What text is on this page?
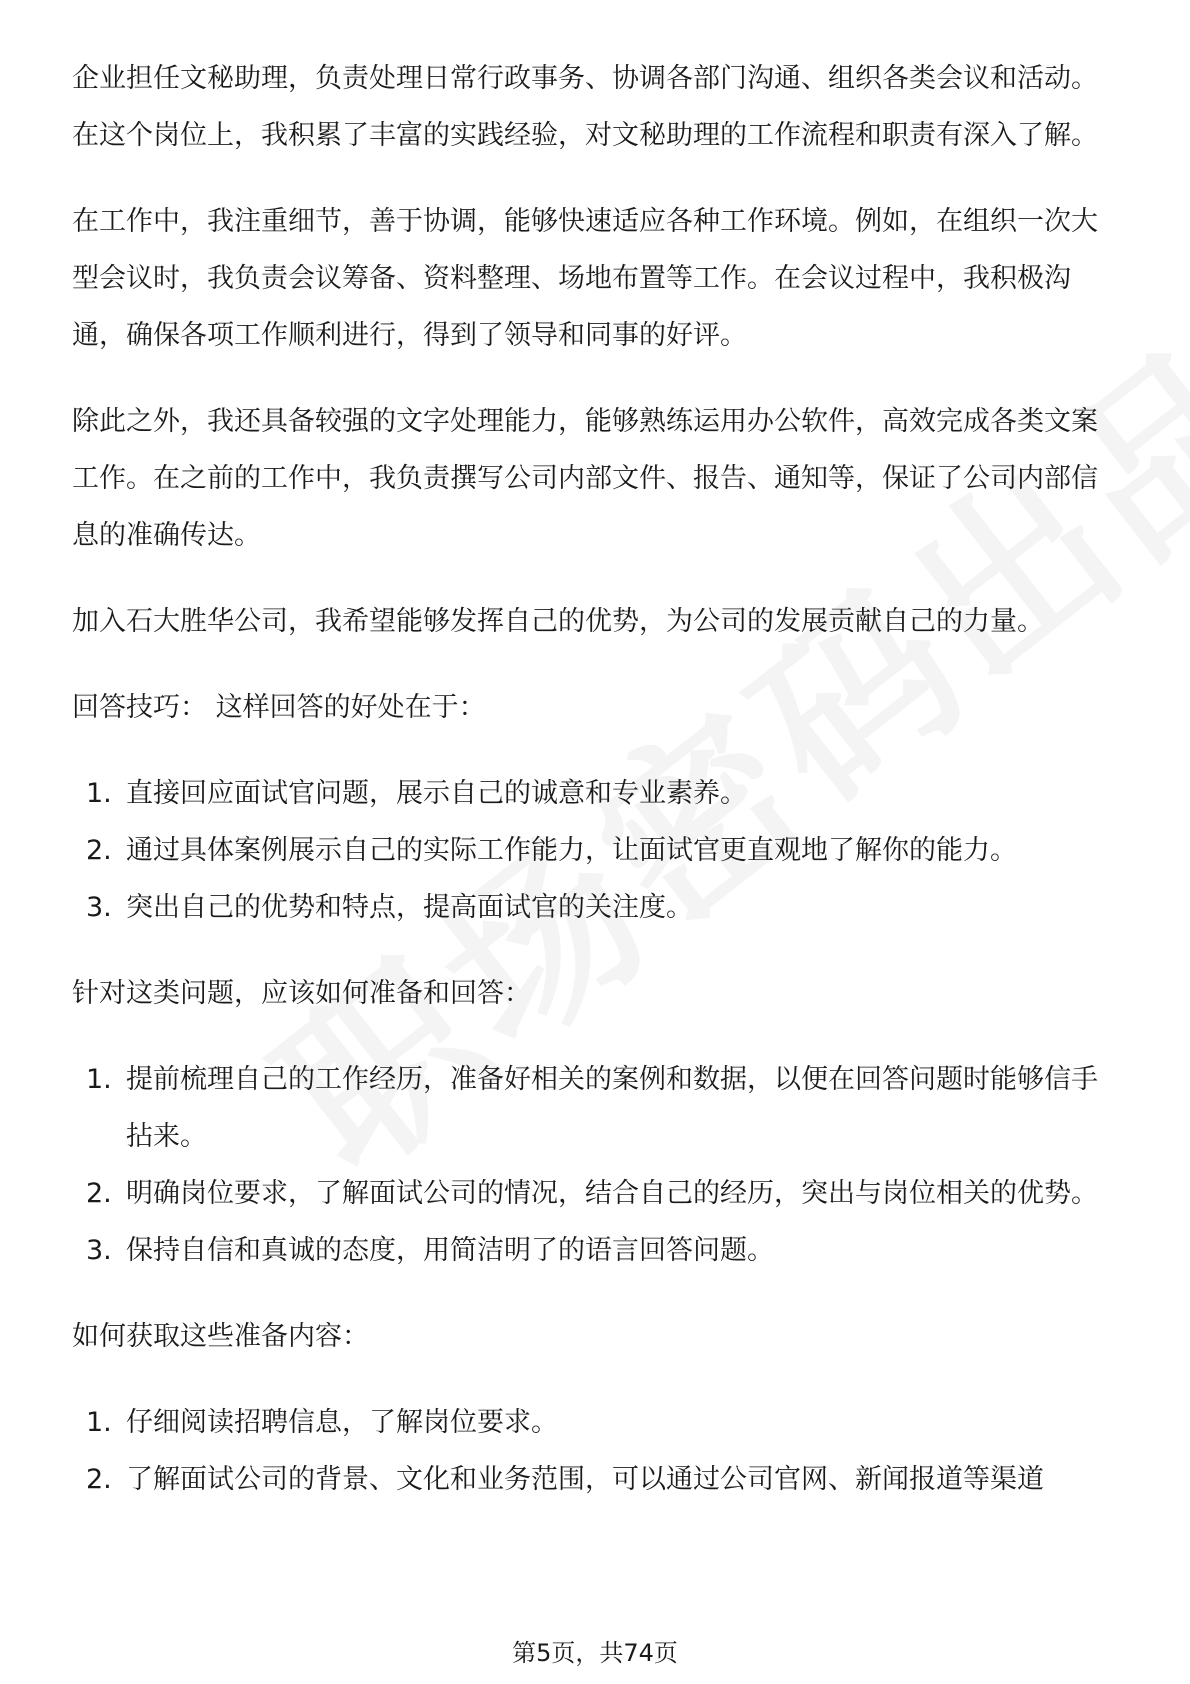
企业担任文秘助理，负责处理日常行政事务、协调各部门沟通、组织各类会议和活动。在这个岗位上，我积累了丰富的实践经验，对文秘助理的工作流程和职责有深入了解。

在工作中，我注重细节，善于协调，能够快速适应各种工作环境。例如，在组织一次大型会议时，我负责会议筹备、资料整理、场地布置等工作。在会议过程中，我积极沟通，确保各项工作顺利进行，得到了领导和同事的好评。

除此之外，我还具备较强的文字处理能力，能够熟练运用办公软件，高效完成各类文案工作。在之前的工作中，我负责撰写公司内部文件、报告、通知等，保证了公司内部信息的准确传达。

加入石大胜华公司，我希望能够发挥自己的优势，为公司的发展贡献自己的力量。

回答技巧： 这样回答的好处在于：

1. 直接回应面试官问题，展示自己的诚意和专业素养。
2. 通过具体案例展示自己的实际工作能力，让面试官更直观地了解你的能力。
3. 突出自己的优势和特点，提高面试官的关注度。

针对这类问题，应该如何准备和回答：

1. 提前梳理自己的工作经历，准备好相关的案例和数据，以便在回答问题时能够信手拈来。
2. 明确岗位要求，了解面试公司的情况，结合自己的经历，突出与岗位相关的优势。
3. 保持自信和真诚的态度，用简洁明了的语言回答问题。

如何获取这些准备内容：

1. 仔细阅读招聘信息，了解岗位要求。
2. 了解面试公司的背景、文化和业务范围，可以通过公司官网、新闻报道等渠道
第5页，共74页
